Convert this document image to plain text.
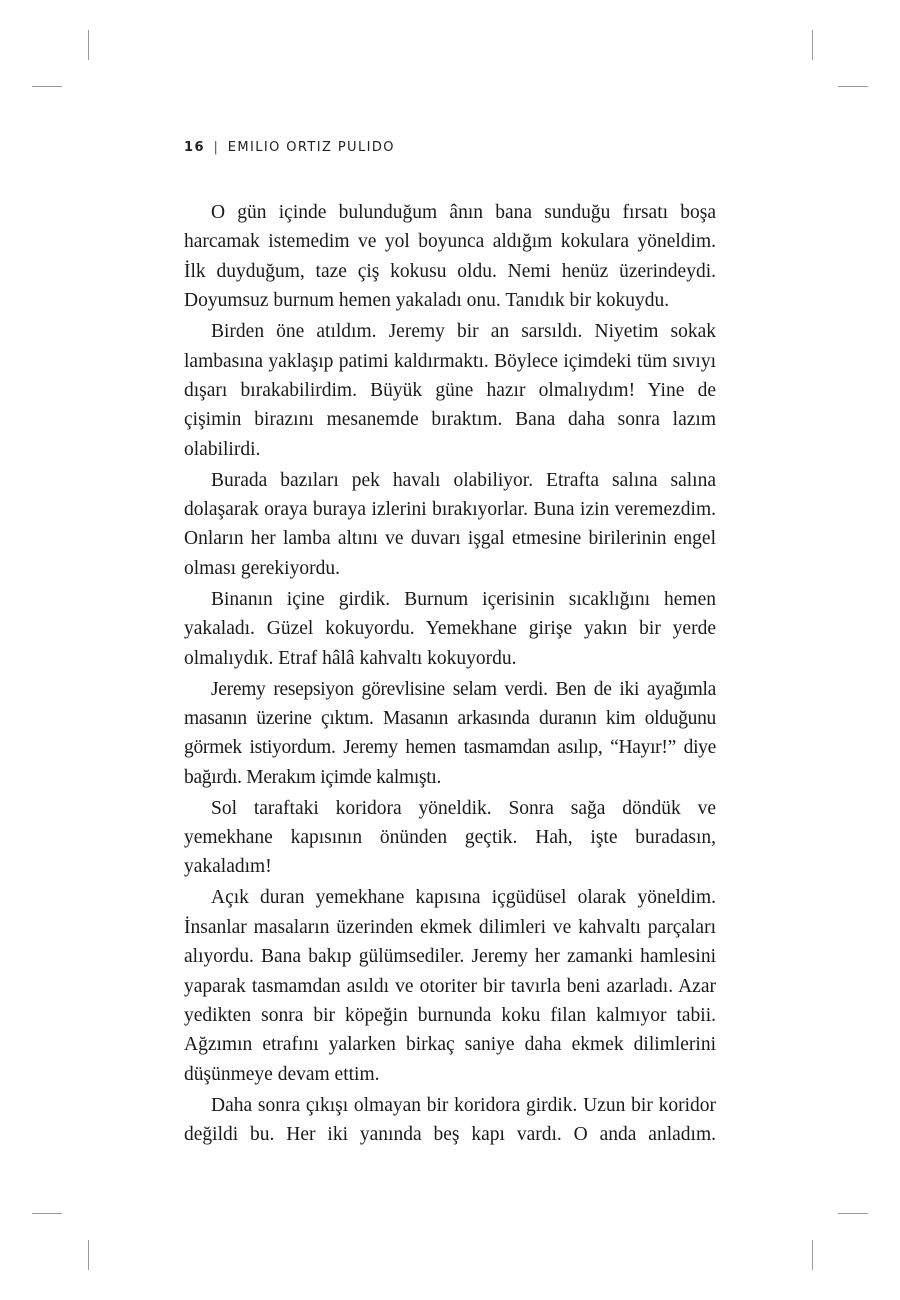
16 | EMILIO ORTIZ PULIDO

O gün içinde bulunduğum ânın bana sunduğu fırsatı boşa harcamak istemedim ve yol boyunca aldığım kokulara yöneldim. İlk duyduğum, taze çiş kokusu oldu. Nemi henüz üzerindeydi. Doyumsuz burnum hemen yakaladı onu. Tanıdık bir kokuydu.

Birden öne atıldım. Jeremy bir an sarsıldı. Niyetim sokak lambasına yaklaşıp patimi kaldırmaktı. Böylece içimdeki tüm sıvıyı dışarı bırakabilirdim. Büyük güne hazır olmalıydım! Yine de çişimin birazını mesanemde bıraktım. Bana daha sonra lazım olabilirdi.

Burada bazıları pek havalı olabiliyor. Etrafta salına salına dolaşarak oraya buraya izlerini bırakıyorlar. Buna izin veremezdim. Onların her lamba altını ve duvarı işgal etmesine birilerinin engel olması gerekiyordu.

Binanın içine girdik. Burnum içerisinin sıcaklığını hemen yakaladı. Güzel kokuyordu. Yemekhane girişe yakın bir yerde olmalıydık. Etraf hâlâ kahvaltı kokuyordu.

Jeremy resepsiyon görevlisine selam verdi. Ben de iki ayağımla masanın üzerine çıktım. Masanın arkasında duranın kim olduğunu görmek istiyordum. Jeremy hemen tasmamdan asılıp, “Hayır!” diye bağırdı. Merakım içimde kalmıştı.

Sol taraftaki koridora yöneldik. Sonra sağa döndük ve yemekhane kapısının önünden geçtik. Hah, işte buradasın, yakaladım!

Açık duran yemekhane kapısına içgüdüsel olarak yöneldim. İnsanlar masaların üzerinden ekmek dilimleri ve kahvaltı parçaları alıyordu. Bana bakıp gülümsediler. Jeremy her zamanki hamlesini yaparak tasmamdan asıldı ve otoriter bir tavırla beni azarladı. Azar yedikten sonra bir köpeğin burnunda koku filan kalmıyor tabii. Ağzımın etrafını yalarken birkaç saniye daha ekmek dilimlerini düşünmeye devam ettim.

Daha sonra çıkışı olmayan bir koridora girdik. Uzun bir koridor değildi bu. Her iki yanında beş kapı vardı. O anda anladım.
